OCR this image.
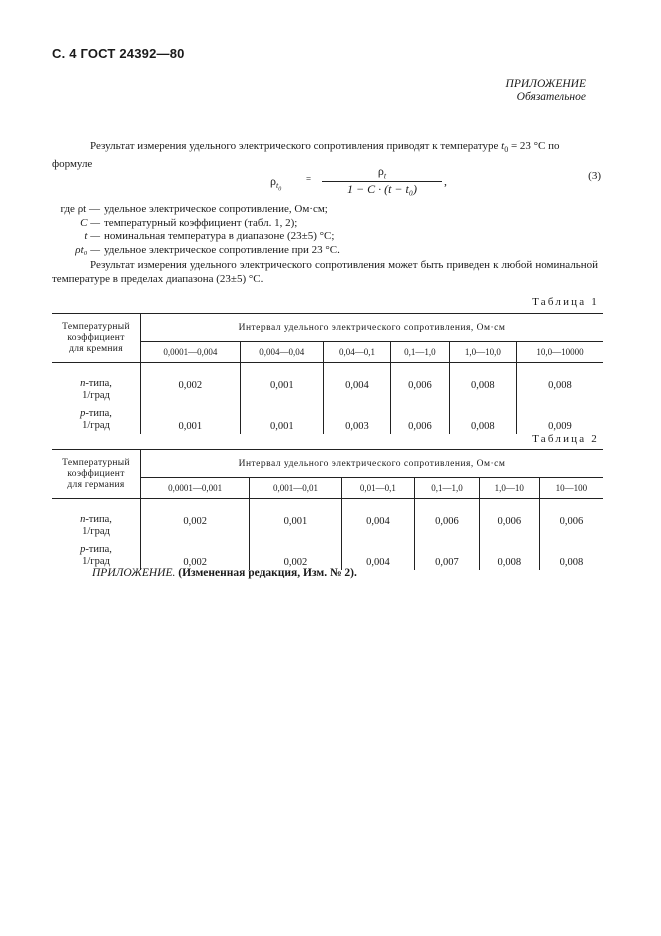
С. 4 ГОСТ 24392—80
ПРИЛОЖЕНИЕ
Обязательное
Результат измерения удельного электрического сопротивления приводят к температуре $t_0 = 23$ °C по
формуле
$\rho_{t_0}$
=
$\rho_t$
1 − C · (t − t₀)
,	(3)
где ρt — удельное электрическое сопротивление, Ом·см;
C — температурный коэффициент (табл. 1, 2);
t — номинальная температура в диапазоне (23±5) °C;
ρt₀ — удельное электрическое сопротивление при 23 °C.
Результат измерения удельного электрического сопротивления может быть приведен к любой номинальной температуре в пределах диапазона (23±5) °C.
Таблица 1
Температурный
коэффициент
для кремния	Интервал удельного электрического сопротивления, Ом·см					
	0,0001—0,004	0,004—0,04	0,04—0,1	0,1—1,0	1,0—10,0	10,0—10000

n-типа,
1/град	0,002	0,001	0,004	0,006	0,008	0,008

p-типа,
1/град	0,001	0,001	0,003	0,006	0,008	0,009
Таблица 2
Температурный
коэффициент
для германия	Интервал удельного электрического сопротивления, Ом·см					
	0,0001—0,001	0,001—0,01	0,01—0,1	0,1—1,0	1,0—10	10—100

n-типа,
1/град	0,002	0,001	0,004	0,006	0,006	0,006

p-типа,
1/град	0,002	0,002	0,004	0,007	0,008	0,008
ПРИЛОЖЕНИЕ. (Измененная редакция, Изм. № 2).
